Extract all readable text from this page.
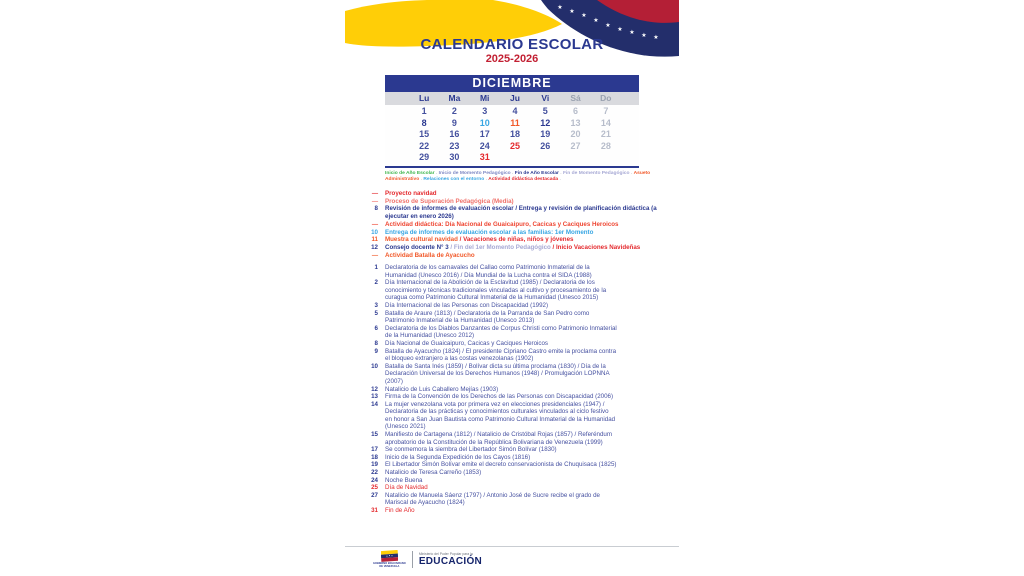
★
★
★
★
★
★ ★ ★ ★
CALENDARIO ESCOLAR
2025-2026
DICIEMBRE
Lu	Ma	Mi	Ju	Vi	Sá	Do
1	2	3	4	5	6	7
8	9	10	11	12	13	14
15	16	17	18	19	20	21
22	23	24	25	26	27	28
29	30	31
Inicio de Año Escolar . Inicio de Momento Pedagógico . Fin de Año Escolar . Fin de Momento Pedagógico . Asueto Administrativo . Relaciones con el entorno . Actividad didáctica destacada .
— Proyecto navidad
— Proceso de Superación Pedagógica (Media)
8 Revisión de informes de evaluación escolar / Entrega y revisión de planificación didáctica (a ejecutar en enero 2026)
— Actividad didáctica: Día Nacional de Guaicaipuro, Cacicas y Caciques Heroicos
10 Entrega de informes de evaluación escolar a las familias: 1er Momento
11 Muestra cultural navidad / Vacaciones de niñas, niños y jóvenes
12 Consejo docente N° 3 / Fin del 1er Momento Pedagógico / Inicio Vacaciones Navideñas
— Actividad Batalla de Ayacucho
1 Declaratoria de los carnavales del Callao como Patrimonio Inmaterial de la Humanidad (Unesco 2016) / Día Mundial de la Lucha contra el SIDA (1988)
2 Día Internacional de la Abolición de la Esclavitud (1985) / Declaratoria de los conocimiento y técnicas tradicionales vinculadas al cultivo y procesamiento de la curagua como Patrimonio Cultural Inmaterial de la Humanidad (Unesco 2015)
3 Día Internacional de las Personas con Discapacidad (1992)
5 Batalla de Araure (1813) / Declaratoria de la Parranda de San Pedro como Patrimonio Inmaterial de la Humanidad (Unesco 2013)
6 Declaratoria de los Diablos Danzantes de Corpus Christi como Patrimonio Inmaterial de la Humanidad (Unesco 2012)
8 Día Nacional de Guaicaipuro, Cacicas y Caciques Heroicos
9 Batalla de Ayacucho (1824) / El presidente Cipriano Castro emite la proclama contra el bloqueo extranjero a las costas venezolanas (1902)
10 Batalla de Santa Inés (1859) / Bolívar dicta su última proclama (1830) / Día de la Declaración Universal de los Derechos Humanos (1948) / Promulgación LOPNNA (2007)
12 Natalicio de Luis Caballero Mejías (1903)
13 Firma de la Convención de los Derechos de las Personas con Discapacidad (2006)
14 La mujer venezolana vota por primera vez en elecciones presidenciales (1947) / Declaratoria de las prácticas y conocimientos culturales vinculados al ciclo festivo en honor a San Juan Bautista como Patrimonio Cultural Inmaterial de la Humanidad (Unesco 2021)
15 Manifiesto de Cartagena (1812) / Natalicio de Cristóbal Rojas (1857) / Referéndum aprobatorio de la Constitución de la República Bolivariana de Venezuela (1999)
17 Se conmemora la siembra del Libertador Simón Bolívar (1830)
18 Inicio de la Segunda Expedición de los Cayos (1816)
19 El Libertador Simón Bolívar emite el decreto conservacionista de Chuquisaca (1825)
22 Natalicio de Teresa Carreño (1853)
24 Noche Buena
25 Día de Navidad
27 Natalicio de Manuela Sáenz (1797) / Antonio José de Sucre recibe el grado de Mariscal de Ayacucho (1824)
31 Fin de Año
GOBIERNO BOLIVARIANO
DE VENEZUELA
Ministerio del Poder Popular para la
EDUCACIÓN
